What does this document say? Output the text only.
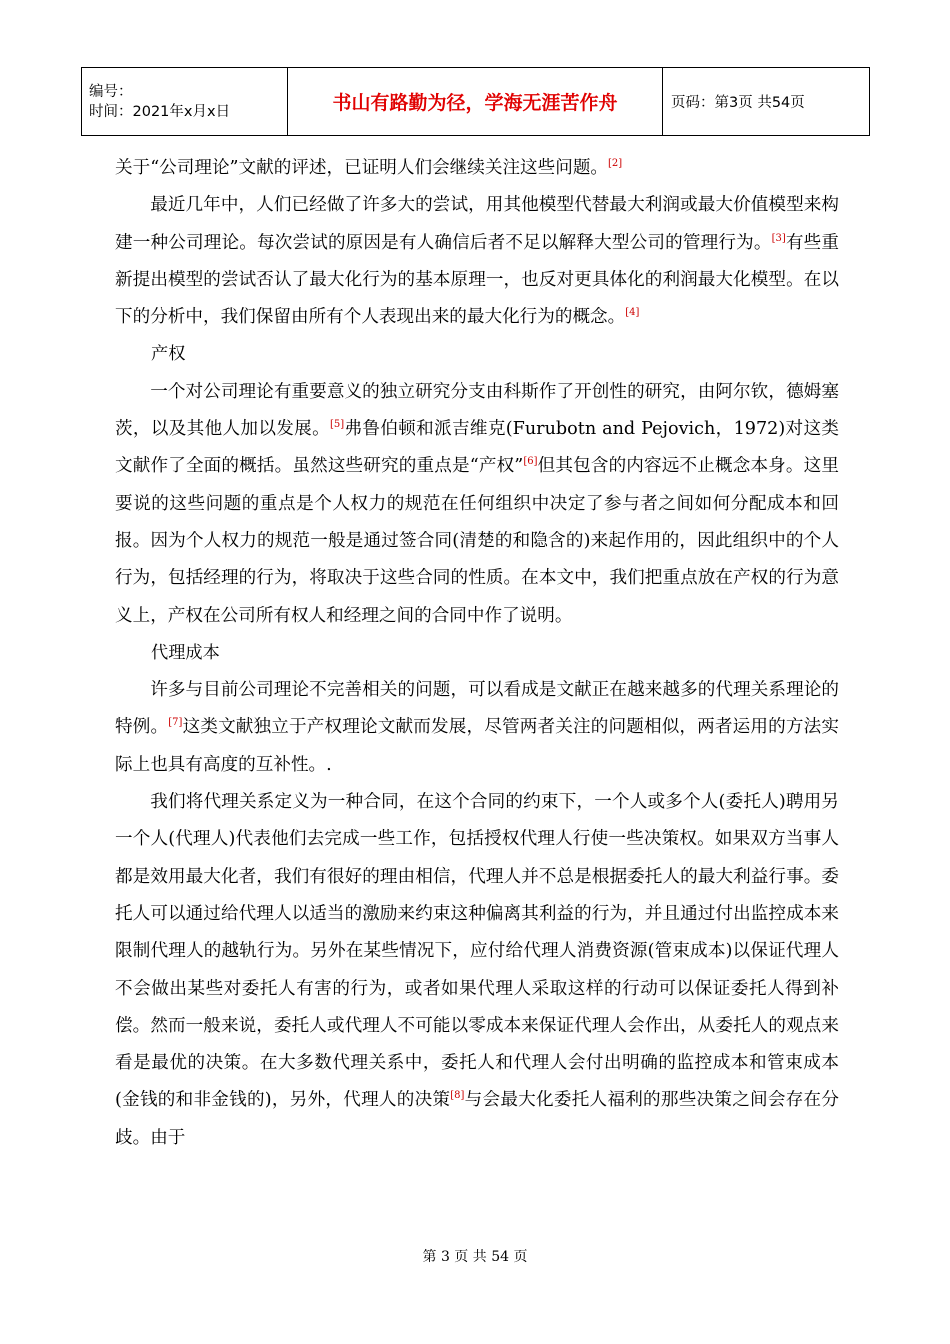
编号：
时间：2021年x月x日	书山有路勤为径，学海无涯苦作舟	页码：第3页 共54页

关于“公司理论”文献的评述，已证明人们会继续关注这些问题。[2]

最近几年中，人们已经做了许多大的尝试，用其他模型代替最大利润或最大价值模型来构建一种公司理论。每次尝试的原因是有人确信后者不足以解释大型公司的管理行为。[3]有些重新提出模型的尝试否认了最大化行为的基本原理一，也反对更具体化的利润最大化模型。在以下的分析中，我们保留由所有个人表现出来的最大化行为的概念。[4]

产权

一个对公司理论有重要意义的独立研究分支由科斯作了开创性的研究，由阿尔钦，德姆塞茨，以及其他人加以发展。[5]弗鲁伯顿和派吉维克(Furubotn and Pejovich，1972)对这类文献作了全面的概括。虽然这些研究的重点是“产权”[6]但其包含的内容远不止概念本身。这里要说的这些问题的重点是个人权力的规范在任何组织中决定了参与者之间如何分配成本和回报。因为个人权力的规范一般是通过签合同(清楚的和隐含的)来起作用的，因此组织中的个人行为，包括经理的行为，将取决于这些合同的性质。在本文中，我们把重点放在产权的行为意义上，产权在公司所有权人和经理之间的合同中作了说明。

代理成本

许多与目前公司理论不完善相关的问题，可以看成是文献正在越来越多的代理关系理论的特例。[7]这类文献独立于产权理论文献而发展，尽管两者关注的问题相似，两者运用的方法实际上也具有高度的互补性。.

我们将代理关系定义为一种合同，在这个合同的约束下，一个人或多个人(委托人)聘用另一个人(代理人)代表他们去完成一些工作，包括授权代理人行使一些决策权。如果双方当事人都是效用最大化者，我们有很好的理由相信，代理人并不总是根据委托人的最大利益行事。委托人可以通过给代理人以适当的激励来约束这种偏离其利益的行为，并且通过付出监控成本来限制代理人的越轨行为。另外在某些情况下，应付给代理人消费资源(管束成本)以保证代理人不会做出某些对委托人有害的行为，或者如果代理人采取这样的行动可以保证委托人得到补偿。然而一般来说，委托人或代理人不可能以零成本来保证代理人会作出，从委托人的观点来看是最优的决策。在大多数代理关系中，委托人和代理人会付出明确的监控成本和管束成本(金钱的和非金钱的)，另外，代理人的决策[8]与会最大化委托人福利的那些决策之间会存在分歧。由于

第 3 页 共 54 页
